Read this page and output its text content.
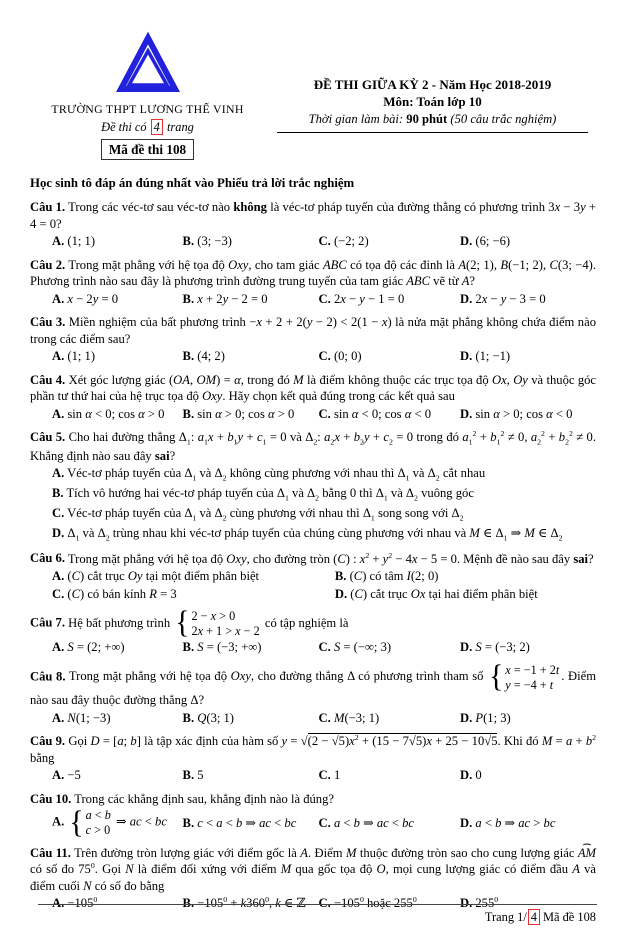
TRƯỜNG THPT LƯƠNG THẾ VINH
Đề thi có 4 trang
Mã đề thi 108
ĐỀ THI GIỮA KỲ 2 - Năm Học 2018-2019
Môn: Toán lớp 10
Thời gian làm bài: 90 phút (50 câu trắc nghiệm)
Học sinh tô đáp án đúng nhất vào Phiếu trả lời trắc nghiệm
Câu 1. Trong các véc-tơ sau véc-tơ nào không là véc-tơ pháp tuyến của đường thẳng có phương trình 3x − 3y + 4 = 0?
A. (1; 1)	B. (3; −3)	C. (−2; 2)	D. (6; −6)
Câu 2. Trong mặt phẳng với hệ tọa độ Oxy, cho tam giác ABC có tọa độ các đỉnh là A(2; 1), B(−1; 2), C(3; −4). Phương trình nào sau đây là phương trình đường trung tuyến của tam giác ABC vẽ từ A?
A. x − 2y = 0	B. x + 2y − 2 = 0	C. 2x − y − 1 = 0	D. 2x − y − 3 = 0
Câu 3. Miền nghiệm của bất phương trình −x + 2 + 2(y − 2) < 2(1 − x) là nửa mặt phẳng không chứa điểm nào trong các điểm sau?
A. (1; 1)	B. (4; 2)	C. (0; 0)	D. (1; −1)
Câu 4. Xét góc lượng giác (OA, OM) = α, trong đó M là điểm không thuộc các trục tọa độ Ox, Oy và thuộc góc phần tư thứ hai của hệ trục tọa độ Oxy. Hãy chọn kết quả đúng trong các kết quả sau
A. sin α < 0; cos α > 0	B. sin α > 0; cos α > 0	C. sin α < 0; cos α < 0	D. sin α > 0; cos α < 0
Câu 5. Cho hai đường thẳng $\Delta_1$: $a_1x + b_1y + c_1 = 0$ và $\Delta_2$: $a_2x + b_2y + c_2 = 0$ trong đó $a_1^2 + b_1^2 \ne 0$, $a_2^2 + b_2^2 \ne 0$. Khẳng định nào sau đây sai?
A. Véc-tơ pháp tuyến của $\Delta_1$ và $\Delta_2$ không cùng phương với nhau thì $\Delta_1$ và $\Delta_2$ cắt nhau
B. Tích vô hướng hai véc-tơ pháp tuyến của $\Delta_1$ và $\Delta_2$ bằng 0 thì $\Delta_1$ và $\Delta_2$ vuông góc
C. Véc-tơ pháp tuyến của $\Delta_1$ và $\Delta_2$ cùng phương với nhau thì $\Delta_1$ song song với $\Delta_2$
D. $\Delta_1$ và $\Delta_2$ trùng nhau khi véc-tơ pháp tuyến của chúng cùng phương với nhau và M ∈ $\Delta_1$ ⇒ M ∈ $\Delta_2$
Câu 6. Trong mặt phẳng với hệ tọa độ Oxy, cho đường tròn (C) : $x^2 + y^2 - 4x - 5 = 0$. Mệnh đề nào sau đây sai?
A. (C) cắt trục Oy tại một điểm phân biệt	B. (C) có tâm I(2; 0)
C. (C) có bán kính R = 3	D. (C) cắt trục Ox tại hai điểm phân biệt
Câu 7. Hệ bất phương trình { 2 − x > 0
2x + 1 > x − 2
có tập nghiệm là
A. S = (2; +∞)	B. S = (−3; +∞)	C. S = (−∞; 3)	D. S = (−3; 2)
Câu 8. Trong mặt phẳng với hệ tọa độ Oxy, cho đường thẳng Δ có phương trình tham số { x = −1 + 2t
y = −4 + t
. Điểm nào sau đây thuộc đường thẳng Δ?
A. N(1; −3)	B. Q(3; 1)	C. M(−3; 1)	D. P(1; 3)
Câu 9. Gọi D = [a; b] là tập xác định của hàm số $y = √(2 - √5)x^2 + (15 - 7√5)x + 25 - 10√5$. Khi đó $M = a + b^2$ bằng
A. −5	B. 5	C. 1	D. 0
Câu 10. Trong các khẳng định sau, khẳng định nào là đúng?
A. { a < b
c > 0
⇒ ac < bc	B. c < a < b ⇒ ac < bc	C. a < b ⇒ ac < bc	D. a < b ⇒ ac > bc
Câu 11. Trên đường tròn lượng giác với điểm gốc là A. Điểm M thuộc đường tròn sao cho cung lượng giác ⌢ AM có số đo $75^0$. Gọi N là điểm đối xứng với điểm M qua gốc tọa độ O, mọi cung lượng giác có điểm đầu A và điểm cuối N có số đo bằng
A. $-105^0$	B. $-105^0 + k360^0$, k ∈ ℤ	C. $-105^0$ hoặc $255^0$	D. $255^0$
Trang 1/ 4 Mã đề 108
